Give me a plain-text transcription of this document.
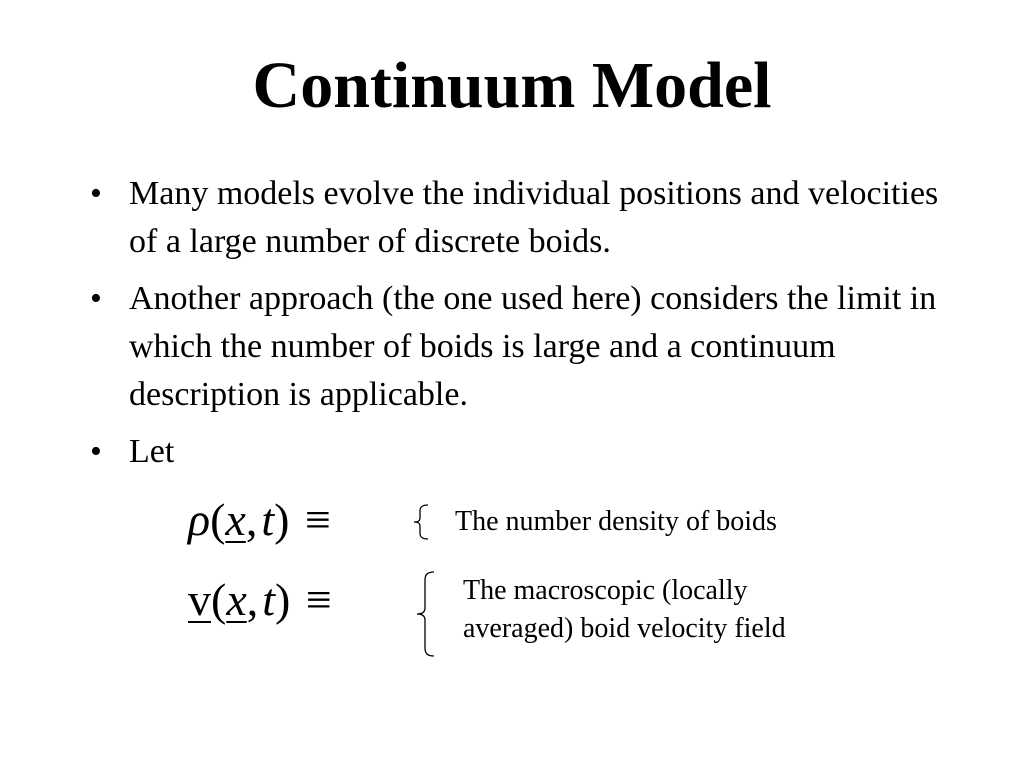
Continuum Model
• Many models evolve the individual positions and velocities of a large number of discrete boids.
• Another approach (the one used here) considers the limit in which the number of boids is large and a continuum description is applicable.
• Let
ρ(x,t) ≡	The number density of boids
v(x,t) ≡	The macroscopic (locally
averaged) boid velocity field
